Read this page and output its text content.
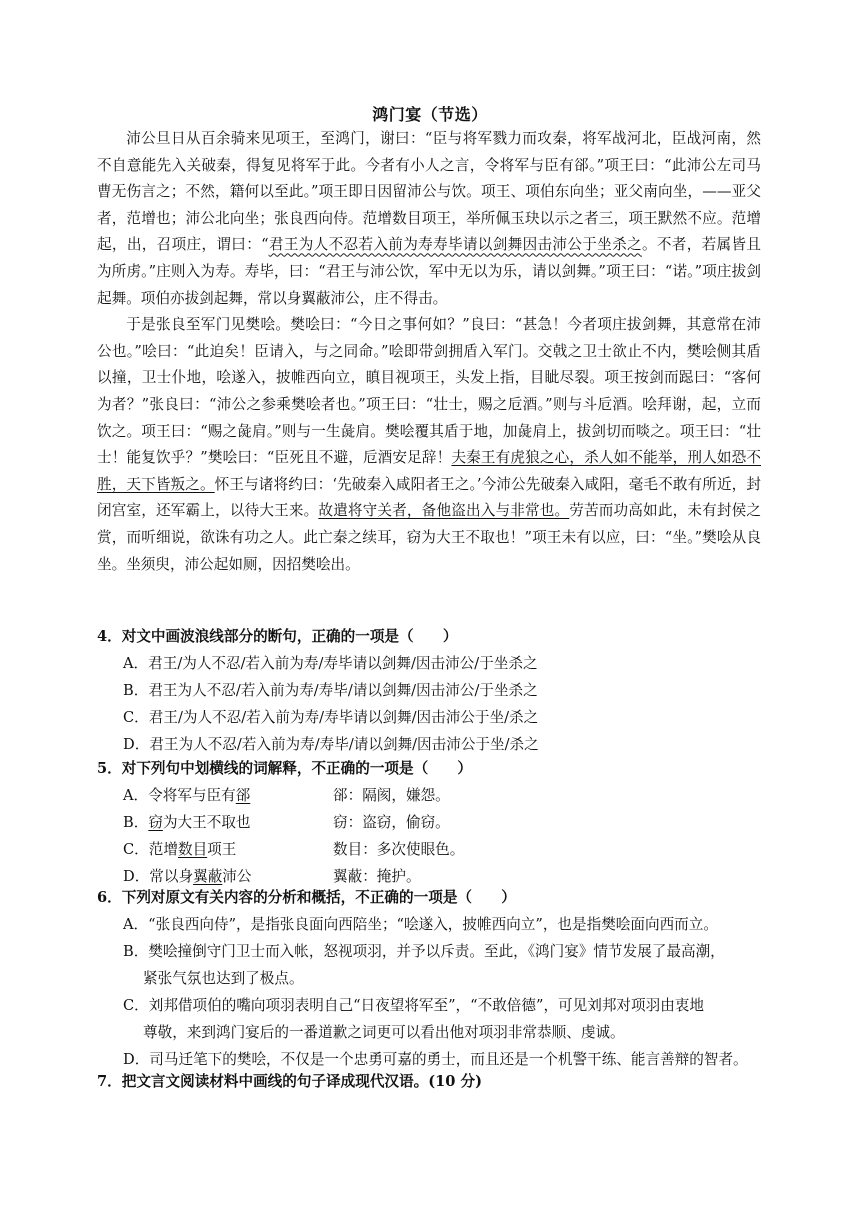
鸿门宴（节选）

沛公旦日从百余骑来见项王，至鸿门，谢曰：“臣与将军戮力而攻秦，将军战河北，臣战河南，然不自意能先入关破秦，得复见将军于此。今者有小人之言，令将军与臣有郤。”项王曰：“此沛公左司马曹无伤言之；不然，籍何以至此。”项王即日因留沛公与饮。项王、项伯东向坐；亚父南向坐，——亚父者，范增也；沛公北向坐；张良西向侍。范增数目项王，举所佩玉玦以示之者三，项王默然不应。范增起，出，召项庄，谓曰：“君王为人不忍若入前为寿寿毕请以剑舞因击沛公于坐杀之。不者，若属皆且为所虏。”庄则入为寿。寿毕，曰：“君王与沛公饮，军中无以为乐，请以剑舞。”项王曰：“诺。”项庄拔剑起舞。项伯亦拔剑起舞，常以身翼蔽沛公，庄不得击。

于是张良至军门见樊哙。樊哙曰：“今日之事何如？”良曰：“甚急！今者项庄拔剑舞，其意常在沛公也。”哙曰：“此迫矣！臣请入，与之同命。”哙即带剑拥盾入军门。交戟之卫士欲止不内，樊哙侧其盾以撞，卫士仆地，哙遂入，披帷西向立，瞋目视项王，头发上指，目眦尽裂。项王按剑而跽曰：“客何为者？”张良曰：“沛公之参乘樊哙者也。”项王曰：“壮士，赐之卮酒。”则与斗卮酒。哙拜谢，起，立而饮之。项王曰：“赐之彘肩。”则与一生彘肩。樊哙覆其盾于地，加彘肩上，拔剑切而啖之。项王曰：“壮士！能复饮乎？”樊哙曰：“臣死且不避，卮酒安足辞！夫秦王有虎狼之心，杀人如不能举，刑人如恐不胜，天下皆叛之。怀王与诸将约曰：‘先破秦入咸阳者王之。’今沛公先破秦入咸阳，毫毛不敢有所近，封闭宫室，还军霸上，以待大王来。故遣将守关者，备他盗出入与非常也。劳苦而功高如此，未有封侯之赏，而听细说，欲诛有功之人。此亡秦之续耳，窃为大王不取也！”项王未有以应，曰：“坐。”樊哙从良坐。坐须臾，沛公起如厕，因招樊哙出。

4．对文中画波浪线部分的断句，正确的一项是（　　）
A．君王/为人不忍/若入前为寿/寿毕请以剑舞/因击沛公/于坐杀之
B．君王为人不忍/若入前为寿/寿毕/请以剑舞/因击沛公/于坐杀之
C．君王/为人不忍/若入前为寿/寿毕请以剑舞/因击沛公于坐/杀之
D．君王为人不忍/若入前为寿/寿毕/请以剑舞/因击沛公于坐/杀之
5．对下列句中划横线的词解释，不正确的一项是（　　）
A．令将军与臣有郤	郤：隔阂，嫌怨。
B．窃为大王不取也	窃：盗窃，偷窃。
C．范增数目项王	数目：多次使眼色。
D．常以身翼蔽沛公	翼蔽：掩护。
6．下列对原文有关内容的分析和概括，不正确的一项是（　　）
A．“张良西向侍”，是指张良面向西陪坐；“哙遂入，披帷西向立”，也是指樊哙面向西而立。
B．樊哙撞倒守门卫士而入帐，怒视项羽，并予以斥责。至此，《鸿门宴》情节发展了最高潮，
紧张气氛也达到了极点。
C．刘邦借项伯的嘴向项羽表明自己“日夜望将军至”，“不敢倍德”，可见刘邦对项羽由衷地
尊敬，来到鸿门宴后的一番道歉之词更可以看出他对项羽非常恭顺、虔诚。
D．司马迁笔下的樊哙，不仅是一个忠勇可嘉的勇士，而且还是一个机警干练、能言善辩的智者。
7．把文言文阅读材料中画线的句子译成现代汉语。(10 分)
